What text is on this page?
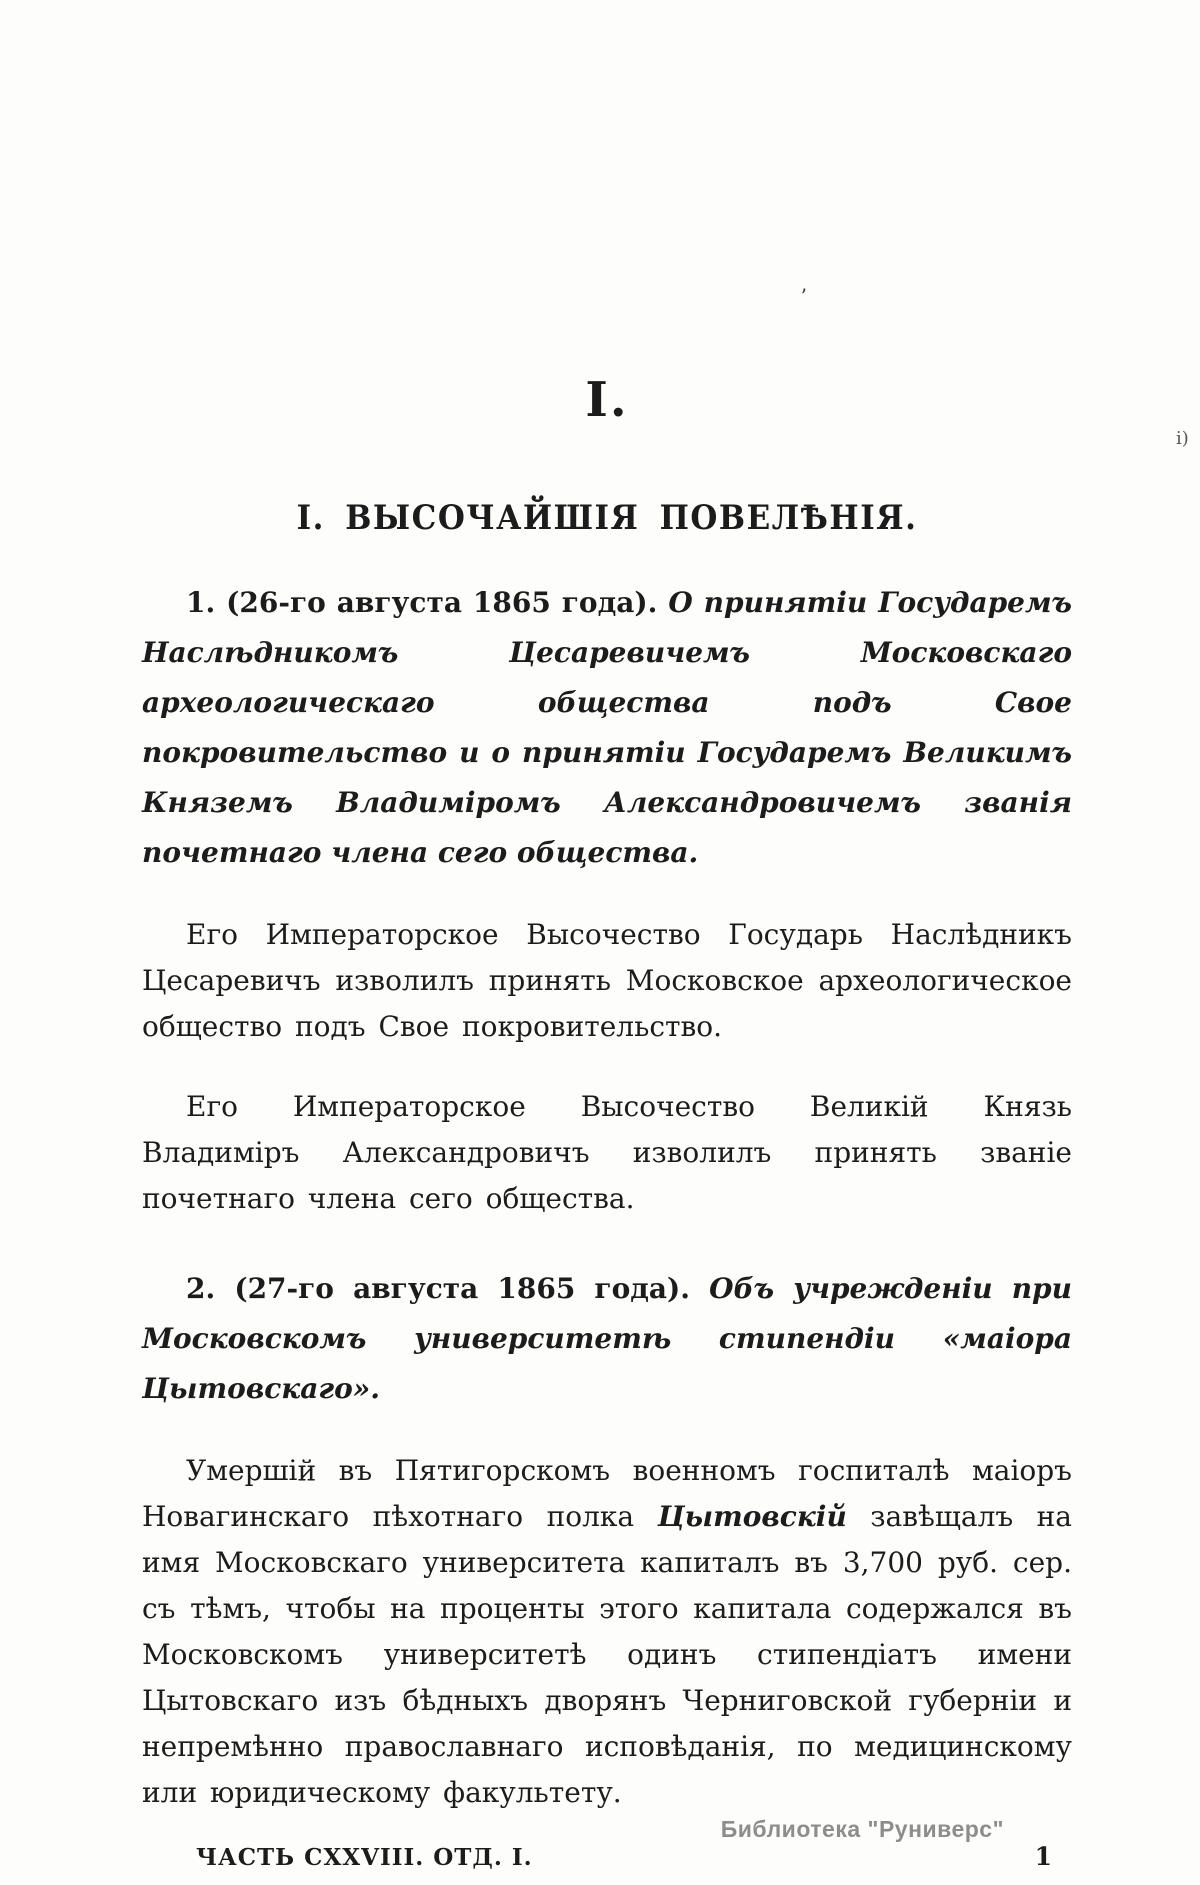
ʼ
і)
I.
І. ВЫСОЧАЙШІЯ ПОВЕЛѢНІЯ.

1. (26-го августа 1865 года). О принятіи Государемъ Наслѣдникомъ Цесаревичемъ Московскаго археологическаго общества подъ Свое покровительство и о принятіи Государемъ Великимъ Княземъ Владиміромъ Александровичемъ званія почетнаго члена сего общества.

Его Императорское Высочество Государь Наслѣдникъ Цесаревичъ изволилъ принять Московское археологическое общество подъ Свое покровительство.

Его Императорское Высочество Великій Князь Владиміръ Александровичъ изволилъ принять званіе почетнаго члена сего общества.

2. (27-го августа 1865 года). Объ учрежденіи при Московскомъ университетѣ стипендіи «маіора Цытовскаго».

Умершій въ Пятигорскомъ военномъ госпиталѣ маіоръ Новагинскаго пѣхотнаго полка Цытовскій завѣщалъ на имя Московскаго университета капиталъ въ 3,700 руб. сер. съ тѣмъ, чтобы на проценты этого капитала содержался въ Московскомъ университетѣ одинъ стипендіатъ имени Цытовскаго изъ бѣдныхъ дворянъ Черниговской губерніи и непремѣнно православнаго исповѣданія, по медицинскому или юридическому факультету.

ЧАСТЬ CXXVIII. ОТД. I.	1
Библиотека "Руниверс"
